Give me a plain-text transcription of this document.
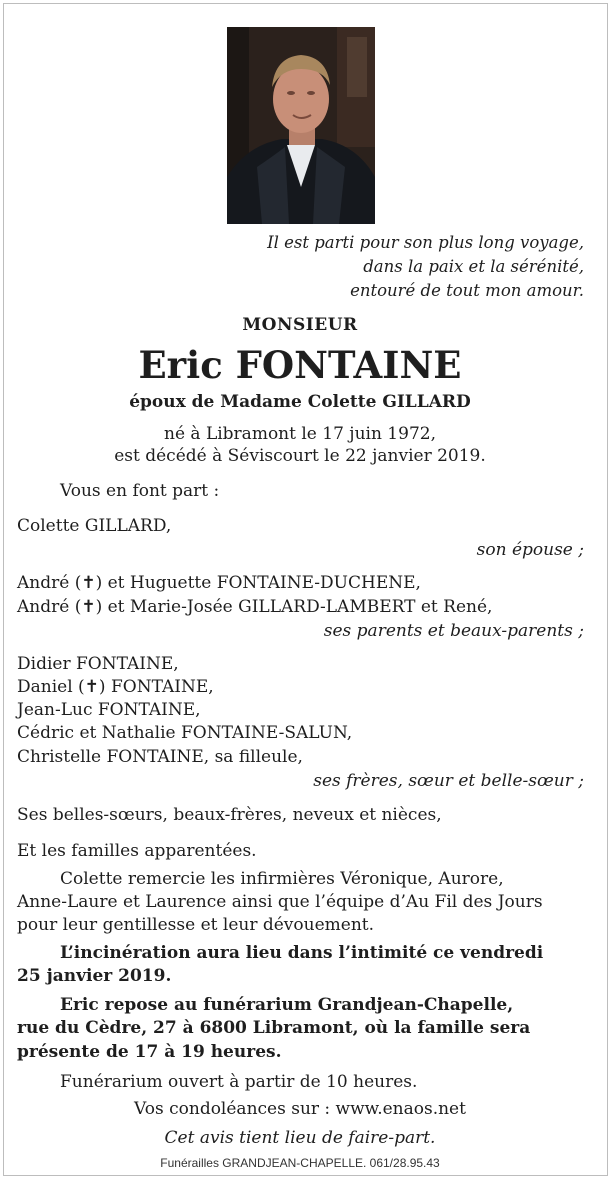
Il est parti pour son plus long voyage,
dans la paix et la sérénité,
entouré de tout mon amour.
MONSIEUR
Eric FONTAINE
époux de Madame Colette GILLARD
né à Libramont le 17 juin 1972,
est décédé à Séviscourt le 22 janvier 2019.
Vous en font part :
Colette GILLARD,
son épouse ;
André (✝) et Huguette FONTAINE-DUCHENE,
André (✝) et Marie-Josée GILLARD-LAMBERT et René,
ses parents et beaux-parents ;
Didier FONTAINE,
Daniel (✝) FONTAINE,
Jean-Luc FONTAINE,
Cédric et Nathalie FONTAINE-SALUN,
Christelle FONTAINE, sa filleule,
ses frères, sœur et belle-sœur ;
Ses belles-sœurs, beaux-frères, neveux et nièces,
Et les familles apparentées.
Colette remercie les infirmières Véronique, Aurore,
Anne-Laure et Laurence ainsi que l’équipe d’Au Fil des Jours
pour leur gentillesse et leur dévouement.
L’incinération aura lieu dans l’intimité ce vendredi
25 janvier 2019.
Eric repose au funérarium Grandjean-Chapelle,
rue du Cèdre, 27 à 6800 Libramont, où la famille sera
présente de 17 à 19 heures.
Funérarium ouvert à partir de 10 heures.
Vos condoléances sur : www.enaos.net
Cet avis tient lieu de faire-part.
Funérailles GRANDJEAN-CHAPELLE. 061/28.95.43
